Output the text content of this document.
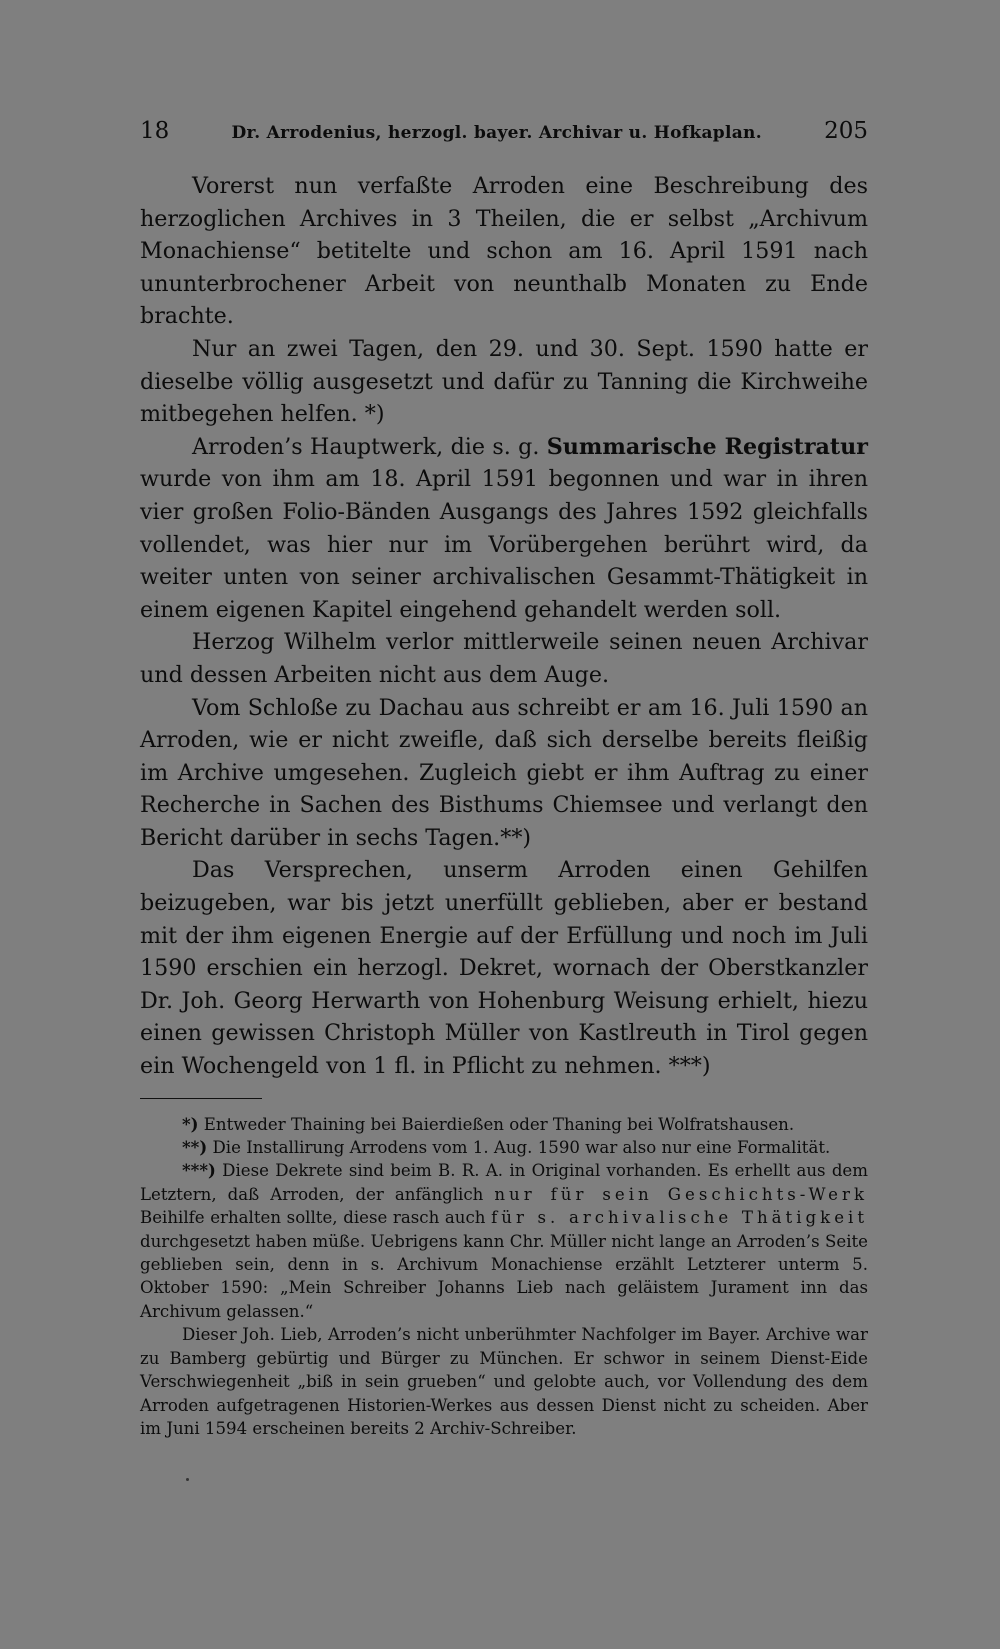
18	Dr. Arrodenius, herzogl. bayer. Archivar u. Hofkaplan.	205

Vorerst nun verfaßte Arroden eine Beschreibung des herzoglichen Archives in 3 Theilen, die er selbst „Archivum Monachiense“ betitelte und schon am 16. April 1591 nach ununterbrochener Arbeit von neunthalb Monaten zu Ende brachte.

Nur an zwei Tagen, den 29. und 30. Sept. 1590 hatte er dieselbe völlig ausgesetzt und dafür zu Tanning die Kirchweihe mitbegehen helfen. *)

Arroden’s Hauptwerk, die s. g. Summarische Registratur wurde von ihm am 18. April 1591 begonnen und war in ihren vier großen Folio-Bänden Ausgangs des Jahres 1592 gleichfalls vollendet, was hier nur im Vorübergehen berührt wird, da weiter unten von seiner archivalischen Gesammt-Thätigkeit in einem eigenen Kapitel eingehend gehandelt werden soll.

Herzog Wilhelm verlor mittlerweile seinen neuen Archivar und dessen Arbeiten nicht aus dem Auge.

Vom Schloße zu Dachau aus schreibt er am 16. Juli 1590 an Arroden, wie er nicht zweifle, daß sich derselbe bereits fleißig im Archive umgesehen. Zugleich giebt er ihm Auftrag zu einer Recherche in Sachen des Bisthums Chiemsee und verlangt den Bericht darüber in sechs Tagen.**)

Das Versprechen, unserm Arroden einen Gehilfen beizugeben, war bis jetzt unerfüllt geblieben, aber er bestand mit der ihm eigenen Energie auf der Erfüllung und noch im Juli 1590 erschien ein herzogl. Dekret, wornach der Oberstkanzler Dr. Joh. Georg Herwarth von Hohenburg Weisung erhielt, hiezu einen gewissen Christoph Müller von Kastlreuth in Tirol gegen ein Wochengeld von 1 fl. in Pflicht zu nehmen. ***)

*) Entweder Thaining bei Baierdießen oder Thaning bei Wolfratshausen.

**) Die Installirung Arrodens vom 1. Aug. 1590 war also nur eine Formalität.

***) Diese Dekrete sind beim B. R. A. in Original vorhanden. Es erhellt aus dem Letztern, daß Arroden, der anfänglich nur für sein Geschichts-Werk Beihilfe erhalten sollte, diese rasch auch für s. archivalische Thätigkeit durchgesetzt haben müße. Uebrigens kann Chr. Müller nicht lange an Arroden’s Seite geblieben sein, denn in s. Archivum Monachiense erzählt Letzterer unterm 5. Oktober 1590: „Mein Schreiber Johanns Lieb nach geläistem Jurament inn das Archivum gelassen.“

Dieser Joh. Lieb, Arroden’s nicht unberühmter Nachfolger im Bayer. Archive war zu Bamberg gebürtig und Bürger zu München. Er schwor in seinem Dienst-Eide Verschwiegenheit „biß in sein grueben“ und gelobte auch, vor Vollendung des dem Arroden aufgetragenen Historien-Werkes aus dessen Dienst nicht zu scheiden. Aber im Juni 1594 erscheinen bereits 2 Archiv-Schreiber.
